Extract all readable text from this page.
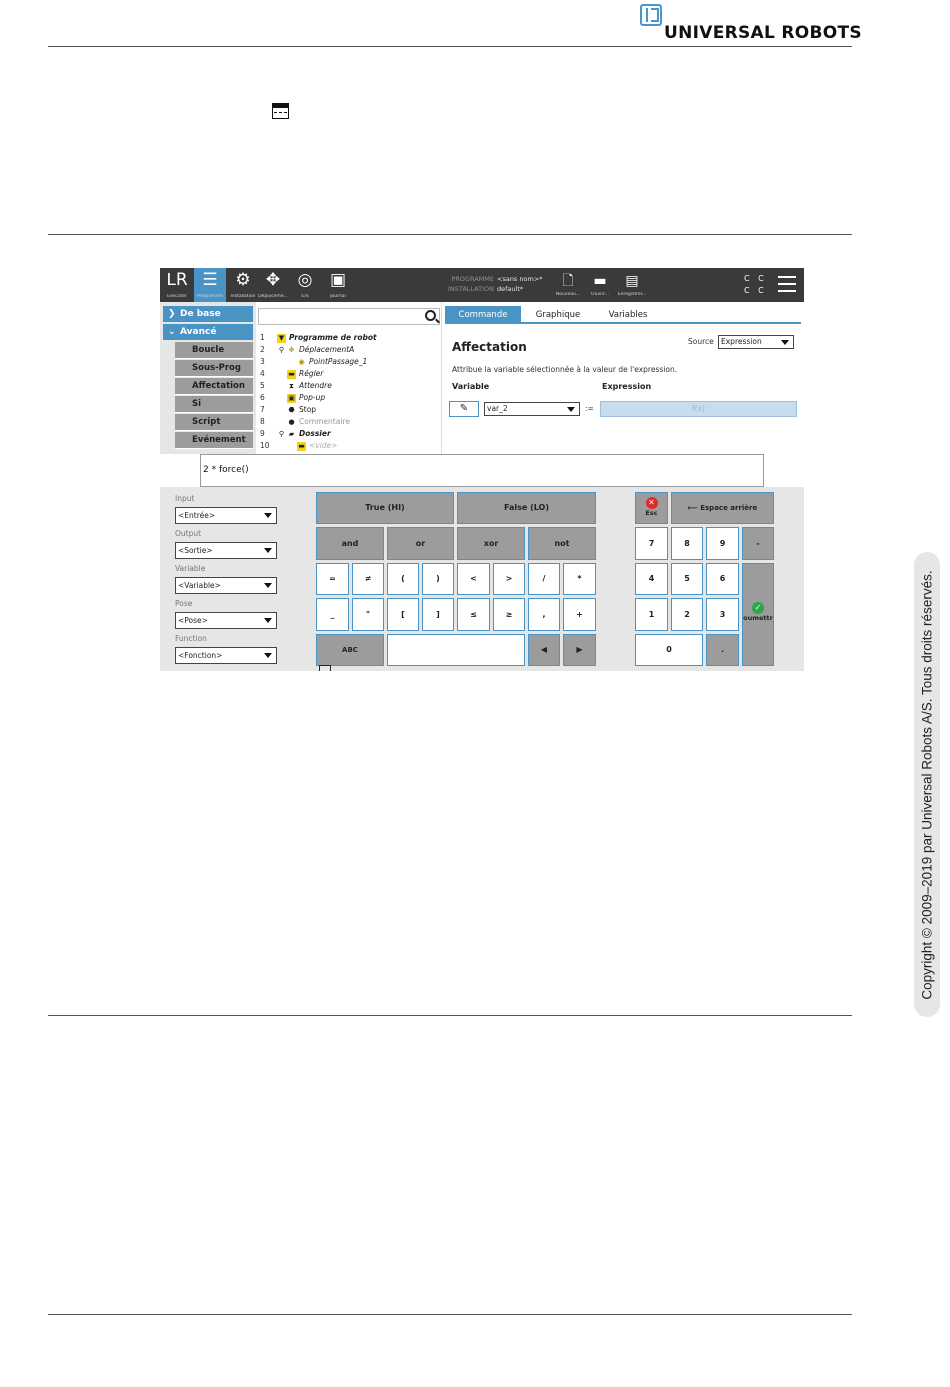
UNIVERSAL ROBOTS
Copyright © 2009–2019 par Universal Robots A/S. Tous droits réservés.
ᒪR
Exécuter
☰
Programme
⚙
Installation
✥
Déplaceme...
◎
E/S
▣
Journal
PROGRAMME <sans nom>*
INSTALLATION default*	🗋
Nouveau...
▬
Ouvrir...
▤
Enregistrer...
C C
C C
❯ De base
⌄ Avancé
Boucle
Sous-Prog
Affectation
Si
Script
Evénement
1	▼ Programme de robot
2	⚲ ✥ DéplacementA
3	◉ PointPassage_1
4	▬ Régler
5	⧗ Attendre
6	▣ Pop-up
7	⬣ Stop
8	● Commentaire
9	⚲ ▰ Dossier
10	▬ <vide>
Commande	Graphique	Variables
Affectation	Source Expression
Attribue la variable sélectionnée à la valeur de l'expression.
Variable	Expression
✎	var_2	:=	f(x)
2 * force()
Input
<Entrée>
Output
<Sortie>
Variable
<Variable>
Pose
<Pose>
Function
<Fonction>
True (HI)	False (LO)
and	or	xor	not
=	≠	(	)	<	>	/	*
_	"	[	]	≤	≥	,	+
ABC	◀	▶
✕
Esc
⟵ Espace arrière
7	8	9	-
4	5	6
1	2	3
✓
oumettr
0	.
